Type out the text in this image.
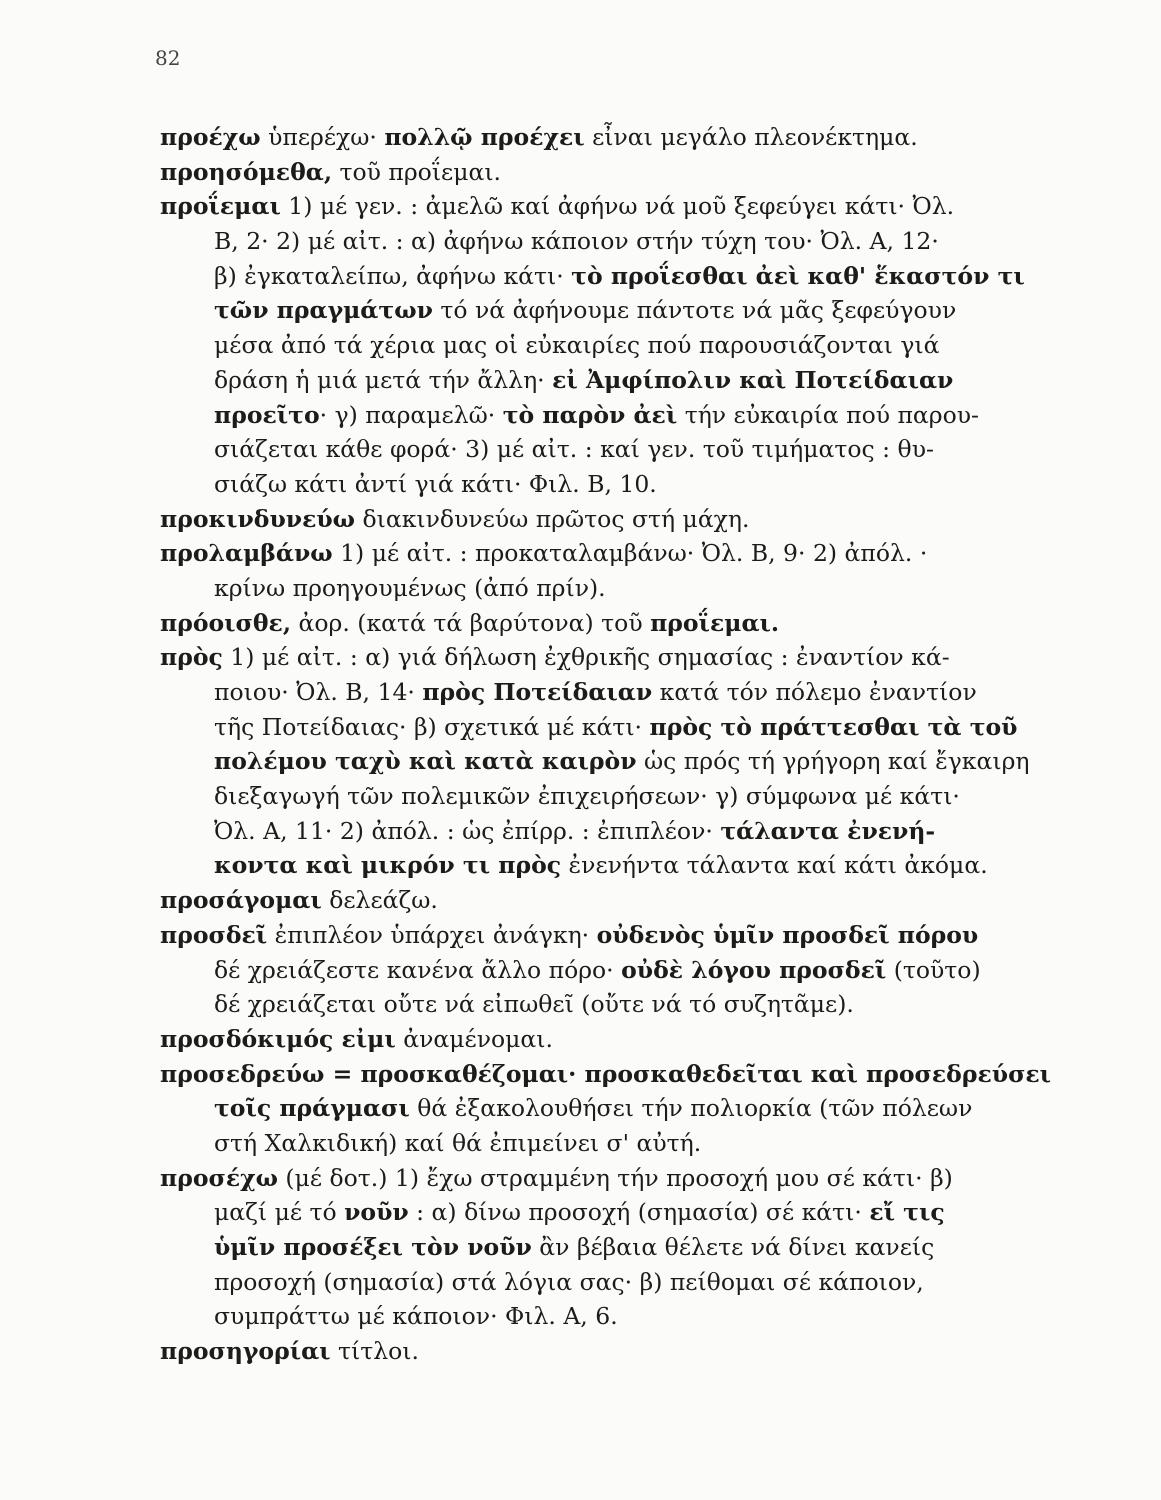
82
προέχω ὑπερέχω· πολλῷ προέχει εἶναι μεγάλο πλεονέκτημα.
προησόμεθα, τοῦ προΐεμαι.
προΐεμαι 1) μέ γεν. : ἀμελῶ καί ἀφήνω νά μοῦ ξεφεύγει κάτι· Ὀλ.
Β, 2· 2) μέ αἰτ. : α) ἀφήνω κάποιον στήν τύχη του· Ὀλ. Α, 12·
β) ἐγκαταλείπω, ἀφήνω κάτι· τὸ προΐεσθαι ἀεὶ καθ' ἕκαστόν τι
τῶν πραγμάτων τό νά ἀφήνουμε πάντοτε νά μᾶς ξεφεύγουν
μέσα ἀπό τά χέρια μας οἱ εὐκαιρίες πού παρουσιάζονται γιά
δράση ἡ μιά μετά τήν ἄλλη· εἰ Ἀμφίπολιν καὶ Ποτείδαιαν
προεῖτο· γ) παραμελῶ· τὸ παρὸν ἀεὶ τήν εὐκαιρία πού παρου-
σιάζεται κάθε φορά· 3) μέ αἰτ. : καί γεν. τοῦ τιμήματος : θυ-
σιάζω κάτι ἀντί γιά κάτι· Φιλ. Β, 10.
προκινδυνεύω διακινδυνεύω πρῶτος στή μάχη.
προλαμβάνω 1) μέ αἰτ. : προκαταλαμβάνω· Ὀλ. Β, 9· 2) ἀπόλ. ·
κρίνω προηγουμένως (ἀπό πρίν).
πρόοισθε, ἀορ. (κατά τά βαρύτονα) τοῦ προΐεμαι.
πρὸς 1) μέ αἰτ. : α) γιά δήλωση ἐχθρικῆς σημασίας : ἐναντίον κά-
ποιου· Ὀλ. Β, 14· πρὸς Ποτείδαιαν κατά τόν πόλεμο ἐναντίον
τῆς Ποτείδαιας· β) σχετικά μέ κάτι· πρὸς τὸ πράττεσθαι τὰ τοῦ
πολέμου ταχὺ καὶ κατὰ καιρὸν ὡς πρός τή γρήγορη καί ἔγκαιρη
διεξαγωγή τῶν πολεμικῶν ἐπιχειρήσεων· γ) σύμφωνα μέ κάτι·
Ὀλ. Α, 11· 2) ἀπόλ. : ὡς ἐπίρρ. : ἐπιπλέον· τάλαντα ἐνενή-
κοντα καὶ μικρόν τι πρὸς ἐνενήντα τάλαντα καί κάτι ἀκόμα.
προσάγομαι δελεάζω.
προσδεῖ ἐπιπλέον ὑπάρχει ἀνάγκη· οὐδενὸς ὑμῖν προσδεῖ πόρου
δέ χρειάζεστε κανένα ἄλλο πόρο· οὐδὲ λόγου προσδεῖ (τοῦτο)
δέ χρειάζεται οὔτε νά εἰπωθεῖ (οὔτε νά τό συζητᾶμε).
προσδόκιμός εἰμι ἀναμένομαι.
προσεδρεύω = προσκαθέζομαι· προσκαθεδεῖται καὶ προσεδρεύσει
τοῖς πράγμασι θά ἐξακολουθήσει τήν πολιορκία (τῶν πόλεων
στή Χαλκιδική) καί θά ἐπιμείνει σ' αὐτή.
προσέχω (μέ δοτ.) 1) ἔχω στραμμένη τήν προσοχή μου σέ κάτι· β)
μαζί μέ τό νοῦν : α) δίνω προσοχή (σημασία) σέ κάτι· εἴ τις
ὑμῖν προσέξει τὸν νοῦν ἂν βέβαια θέλετε νά δίνει κανείς
προσοχή (σημασία) στά λόγια σας· β) πείθομαι σέ κάποιον,
συμπράττω μέ κάποιον· Φιλ. Α, 6.
προσηγορίαι τίτλοι.
